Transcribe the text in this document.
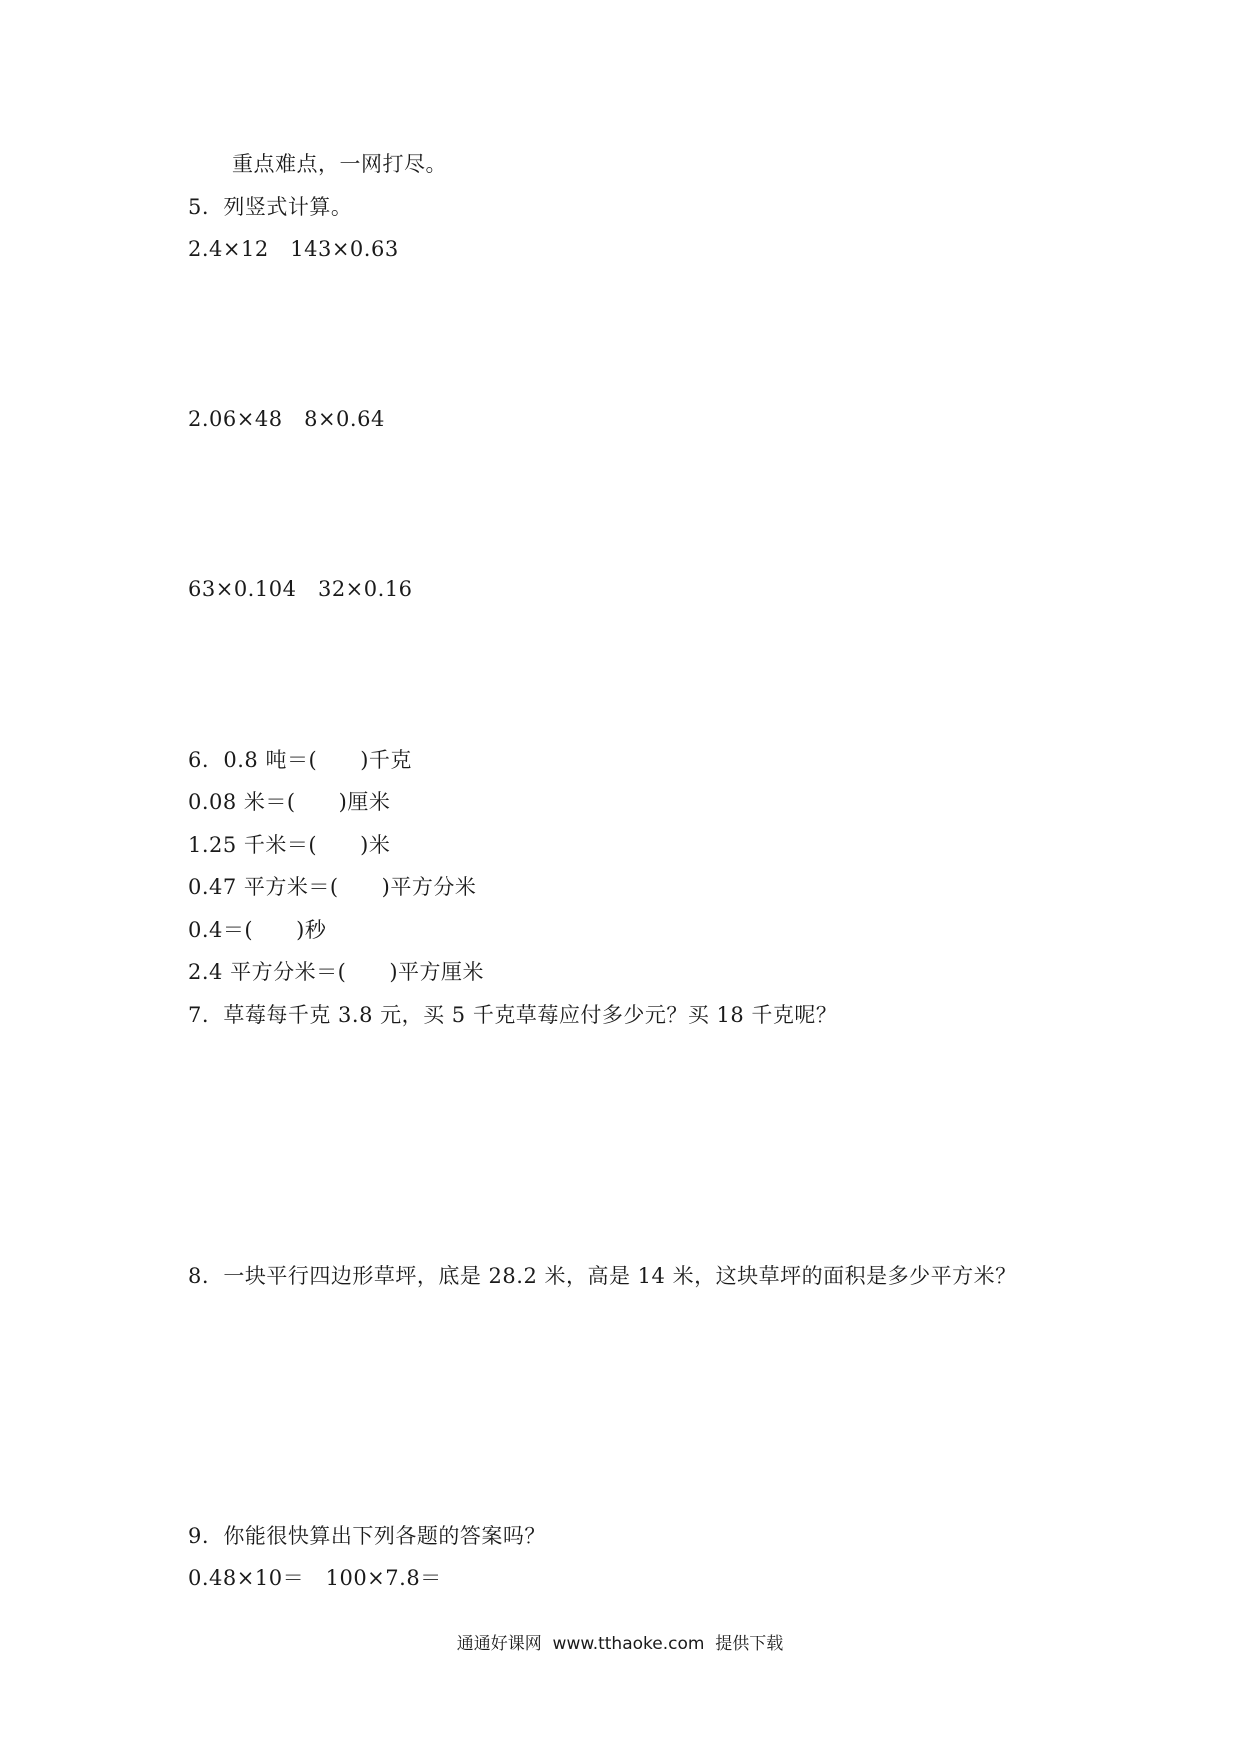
重点难点，一网打尽。
5.  列竖式计算。
2.4×12   143×0.63
2.06×48   8×0.64
63×0.104   32×0.16
6.  0.8 吨＝(      )千克
0.08 米＝(      )厘米
1.25 千米＝(      )米
0.47 平方米＝(      )平方分米
0.4＝(      )秒
2.4 平方分米＝(      )平方厘米
7.  草莓每千克 3.8 元，买 5 千克草莓应付多少元？买 18 千克呢？
8.  一块平行四边形草坪，底是 28.2 米，高是 14 米，这块草坪的面积是多少平方米？
9.  你能很快算出下列各题的答案吗？
0.48×10＝   100×7.8＝
通通好课网  www.tthaoke.com  提供下载
